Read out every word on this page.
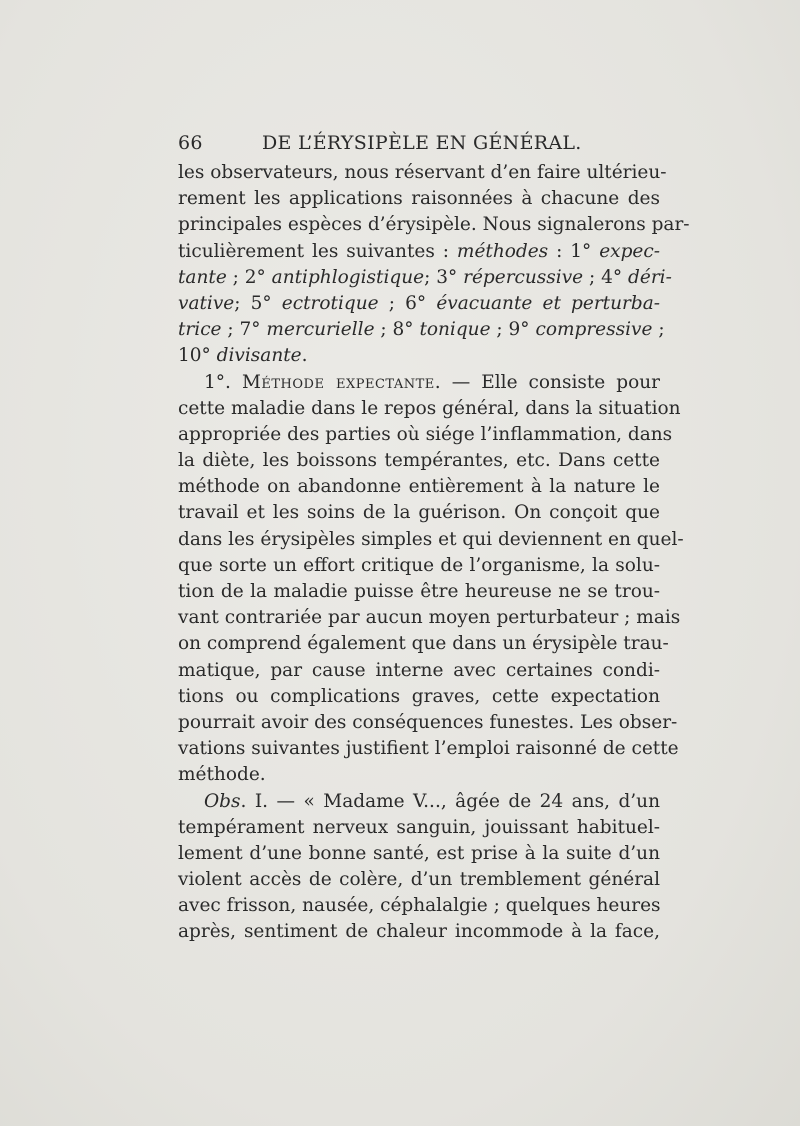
66	DE L’ÉRYSIPÈLE EN GÉNÉRAL.
les observateurs, nous réservant d’en faire ultérieu-
rement les applications raisonnées à chacune des
principales espèces d’érysipèle. Nous signalerons par-
ticulièrement les suivantes : méthodes : 1° expec-
tante ; 2° antiphlogistique; 3° répercussive ; 4° déri-
vative; 5° ectrotique ; 6° évacuante et perturba-
trice ; 7° mercurielle ; 8° tonique ; 9° compressive ;
10° divisante.
1°. Méthode expectante. — Elle consiste pour
cette maladie dans le repos général, dans la situation
appropriée des parties où siége l’inflammation, dans
la diète, les boissons tempérantes, etc. Dans cette
méthode on abandonne entièrement à la nature le
travail et les soins de la guérison. On conçoit que
dans les érysipèles simples et qui deviennent en quel-
que sorte un effort critique de l’organisme, la solu-
tion de la maladie puisse être heureuse ne se trou-
vant contrariée par aucun moyen perturbateur ; mais
on comprend également que dans un érysipèle trau-
matique, par cause interne avec certaines condi-
tions ou complications graves, cette expectation
pourrait avoir des conséquences funestes. Les obser-
vations suivantes justifient l’emploi raisonné de cette
méthode.
Obs. I. — « Madame V..., âgée de 24 ans, d’un
tempérament nerveux sanguin, jouissant habituel-
lement d’une bonne santé, est prise à la suite d’un
violent accès de colère, d’un tremblement général
avec frisson, nausée, céphalalgie ; quelques heures
après, sentiment de chaleur incommode à la face,
